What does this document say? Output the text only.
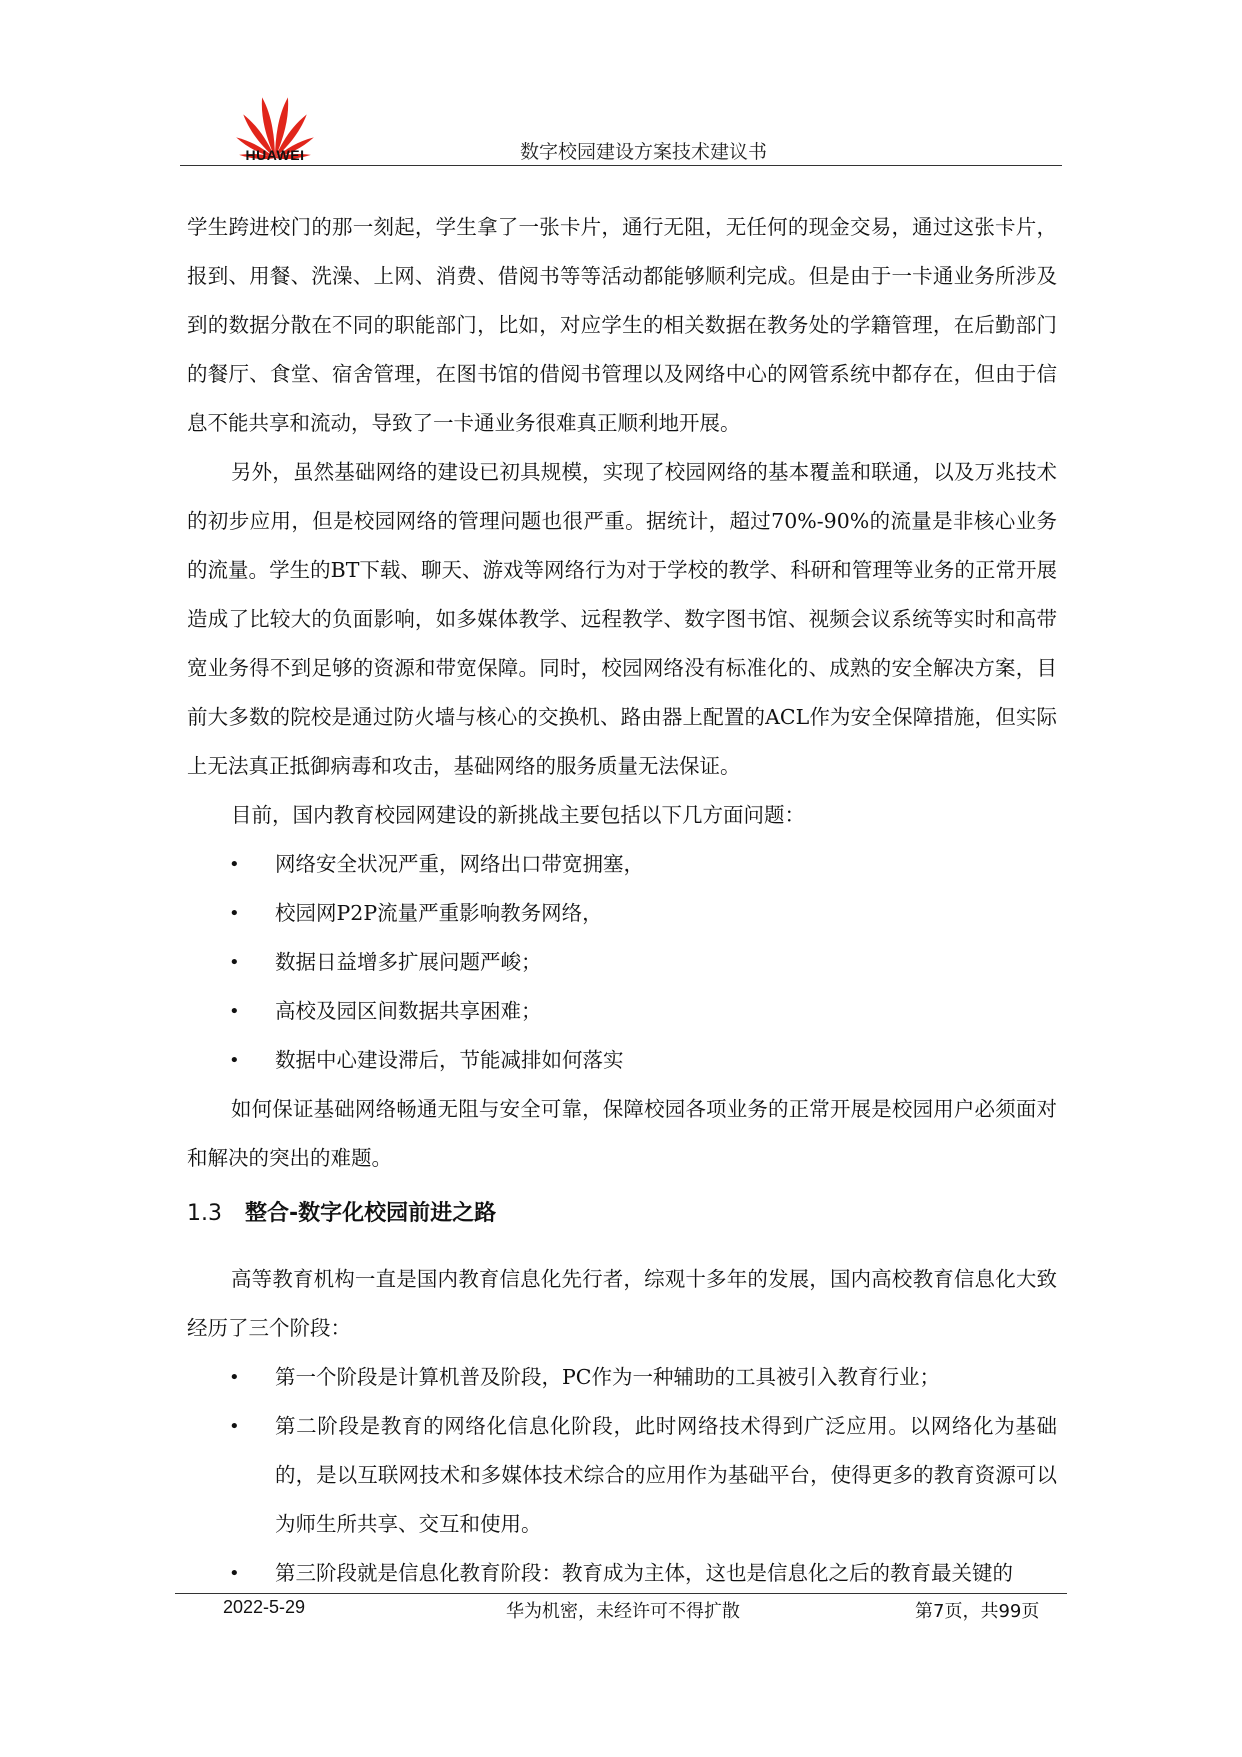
HUAWEI	数字校园建设方案技术建议书

学生跨进校门的那一刻起，学生拿了一张卡片，通行无阻，无任何的现金交易，通过这张卡片，报到、用餐、洗澡、上网、消费、借阅书等等活动都能够顺利完成。但是由于一卡通业务所涉及到的数据分散在不同的职能部门，比如，对应学生的相关数据在教务处的学籍管理，在后勤部门的餐厅、食堂、宿舍管理，在图书馆的借阅书管理以及网络中心的网管系统中都存在，但由于信息不能共享和流动，导致了一卡通业务很难真正顺利地开展。

另外，虽然基础网络的建设已初具规模，实现了校园网络的基本覆盖和联通，以及万兆技术的初步应用，但是校园网络的管理问题也很严重。据统计，超过70%-90%的流量是非核心业务的流量。学生的BT下载、聊天、游戏等网络行为对于学校的教学、科研和管理等业务的正常开展造成了比较大的负面影响，如多媒体教学、远程教学、数字图书馆、视频会议系统等实时和高带宽业务得不到足够的资源和带宽保障。同时，校园网络没有标准化的、成熟的安全解决方案，目前大多数的院校是通过防火墙与核心的交换机、路由器上配置的ACL作为安全保障措施，但实际上无法真正抵御病毒和攻击，基础网络的服务质量无法保证。

目前，国内教育校园网建设的新挑战主要包括以下几方面问题：

•	网络安全状况严重，网络出口带宽拥塞，
•	校园网P2P流量严重影响教务网络，
•	数据日益增多扩展问题严峻；
•	高校及园区间数据共享困难；
•	数据中心建设滞后，节能减排如何落实

如何保证基础网络畅通无阻与安全可靠，保障校园各项业务的正常开展是校园用户必须面对和解决的突出的难题。

1.3 整合-数字化校园前进之路

高等教育机构一直是国内教育信息化先行者，综观十多年的发展，国内高校教育信息化大致经历了三个阶段：

•	第一个阶段是计算机普及阶段，PC作为一种辅助的工具被引入教育行业；
•	第二阶段是教育的网络化信息化阶段，此时网络技术得到广泛应用。以网络化为基础的，是以互联网技术和多媒体技术综合的应用作为基础平台，使得更多的教育资源可以为师生所共享、交互和使用。
•	第三阶段就是信息化教育阶段：教育成为主体，这也是信息化之后的教育最关键的
2022-5-29	华为机密，未经许可不得扩散	第7页，共99页
